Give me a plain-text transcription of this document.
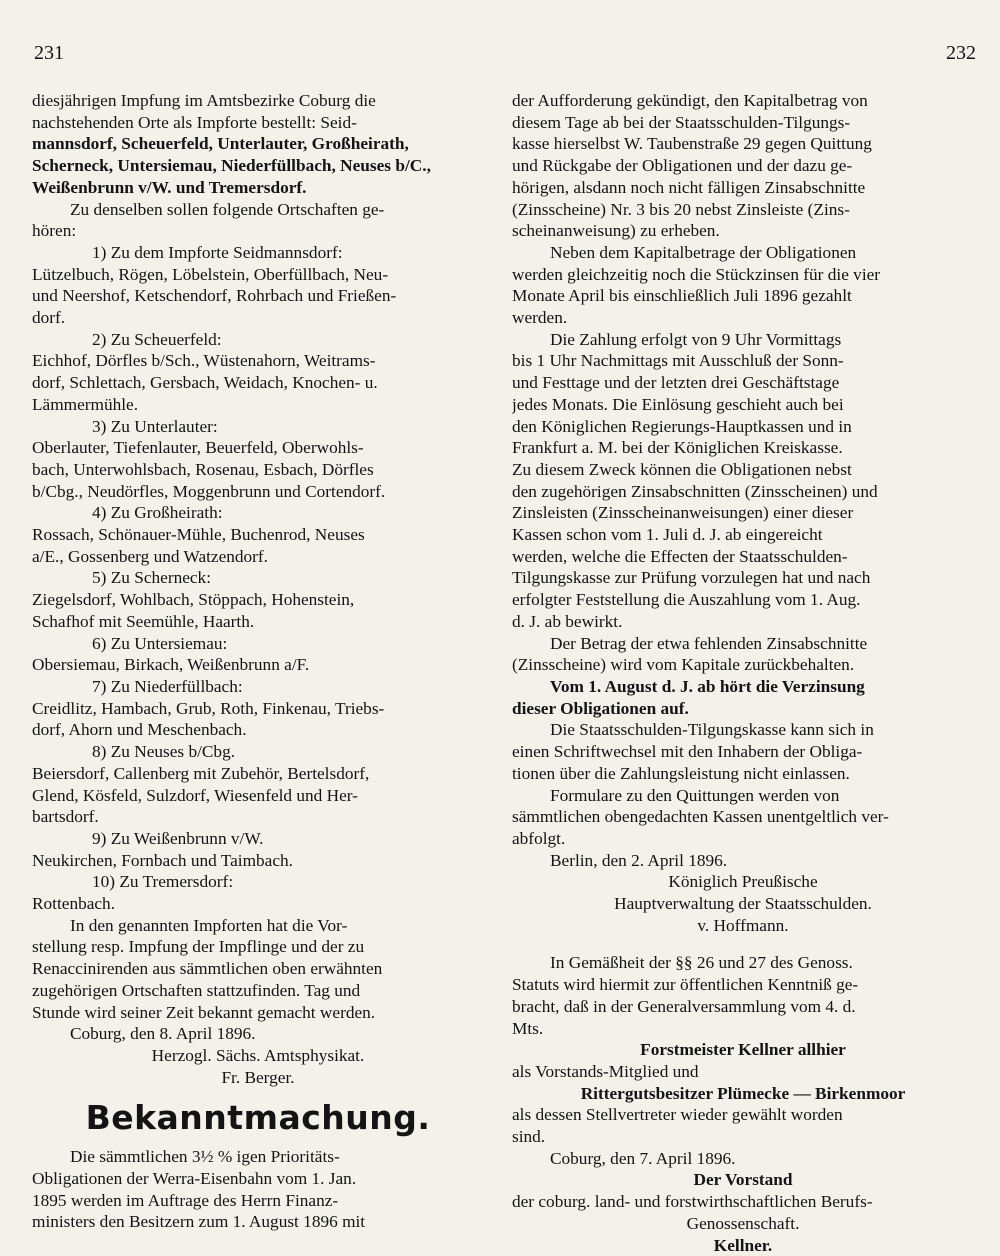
231	232
diesjährigen Impfung im Amtsbezirke Coburg die
nachstehenden Orte als Impforte bestellt: Seid-
mannsdorf, Scheuerfeld, Unterlauter, Großheirath,
Scherneck, Untersiemau, Niederfüllbach, Neuses b/C.,
Weißenbrunn v/W. und Tremersdorf.
Zu denselben sollen folgende Ortschaften ge-
hören:
1) Zu dem Impforte Seidmannsdorf:
Lützelbuch, Rögen, Löbelstein, Oberfüllbach, Neu-
und Neershof, Ketschendorf, Rohrbach und Frießen-
dorf.
2) Zu Scheuerfeld:
Eichhof, Dörfles b/Sch., Wüstenahorn, Weitrams-
dorf, Schlettach, Gersbach, Weidach, Knochen- u.
Lämmermühle.
3) Zu Unterlauter:
Oberlauter, Tiefenlauter, Beuerfeld, Oberwohls-
bach, Unterwohlsbach, Rosenau, Esbach, Dörfles
b/Cbg., Neudörfles, Moggenbrunn und Cortendorf.
4) Zu Großheirath:
Rossach, Schönauer-Mühle, Buchenrod, Neuses
a/E., Gossenberg und Watzendorf.
5) Zu Scherneck:
Ziegelsdorf, Wohlbach, Stöppach, Hohenstein,
Schafhof mit Seemühle, Haarth.
6) Zu Untersiemau:
Obersiemau, Birkach, Weißenbrunn a/F.
7) Zu Niederfüllbach:
Creidlitz, Hambach, Grub, Roth, Finkenau, Triebs-
dorf, Ahorn und Meschenbach.
8) Zu Neuses b/Cbg.
Beiersdorf, Callenberg mit Zubehör, Bertelsdorf,
Glend, Kösfeld, Sulzdorf, Wiesenfeld und Her-
bartsdorf.
9) Zu Weißenbrunn v/W.
Neukirchen, Fornbach und Taimbach.
10) Zu Tremersdorf:
Rottenbach.
In den genannten Impforten hat die Vor-
stellung resp. Impfung der Impflinge und der zu
Renaccinirenden aus sämmtlichen oben erwähnten
zugehörigen Ortschaften stattzufinden. Tag und
Stunde wird seiner Zeit bekannt gemacht werden.
Coburg, den 8. April 1896.
Herzogl. Sächs. Amtsphysikat.
Fr. Berger.
Bekanntmachung.
Die sämmtlichen 3½ % igen Prioritäts-
Obligationen der Werra-Eisenbahn vom 1. Jan.
1895 werden im Auftrage des Herrn Finanz-
ministers den Besitzern zum 1. August 1896 mit
der Aufforderung gekündigt, den Kapitalbetrag von
diesem Tage ab bei der Staatsschulden-Tilgungs-
kasse hierselbst W. Taubenstraße 29 gegen Quittung
und Rückgabe der Obligationen und der dazu ge-
hörigen, alsdann noch nicht fälligen Zinsabschnitte
(Zinsscheine) Nr. 3 bis 20 nebst Zinsleiste (Zins-
scheinanweisung) zu erheben.
Neben dem Kapitalbetrage der Obligationen
werden gleichzeitig noch die Stückzinsen für die vier
Monate April bis einschließlich Juli 1896 gezahlt
werden.
Die Zahlung erfolgt von 9 Uhr Vormittags
bis 1 Uhr Nachmittags mit Ausschluß der Sonn-
und Festtage und der letzten drei Geschäftstage
jedes Monats. Die Einlösung geschieht auch bei
den Königlichen Regierungs-Hauptkassen und in
Frankfurt a. M. bei der Königlichen Kreiskasse.
Zu diesem Zweck können die Obligationen nebst
den zugehörigen Zinsabschnitten (Zinsscheinen) und
Zinsleisten (Zinsscheinanweisungen) einer dieser
Kassen schon vom 1. Juli d. J. ab eingereicht
werden, welche die Effecten der Staatsschulden-
Tilgungskasse zur Prüfung vorzulegen hat und nach
erfolgter Feststellung die Auszahlung vom 1. Aug.
d. J. ab bewirkt.
Der Betrag der etwa fehlenden Zinsabschnitte
(Zinsscheine) wird vom Kapitale zurückbehalten.
Vom 1. August d. J. ab hört die Verzinsung
dieser Obligationen auf.
Die Staatsschulden-Tilgungskasse kann sich in
einen Schriftwechsel mit den Inhabern der Obliga-
tionen über die Zahlungsleistung nicht einlassen.
Formulare zu den Quittungen werden von
sämmtlichen obengedachten Kassen unentgeltlich ver-
abfolgt.
Berlin, den 2. April 1896.
Königlich Preußische
Hauptverwaltung der Staatsschulden.
v. Hoffmann.
In Gemäßheit der §§ 26 und 27 des Genoss.
Statuts wird hiermit zur öffentlichen Kenntniß ge-
bracht, daß in der Generalversammlung vom 4. d.
Mts.
Forstmeister Kellner allhier
als Vorstands-Mitglied und
Rittergutsbesitzer Plümecke — Birkenmoor
als dessen Stellvertreter wieder gewählt worden
sind.
Coburg, den 7. April 1896.
Der Vorstand
der coburg. land- und forstwirthschaftlichen Berufs-
Genossenschaft.
Kellner.
